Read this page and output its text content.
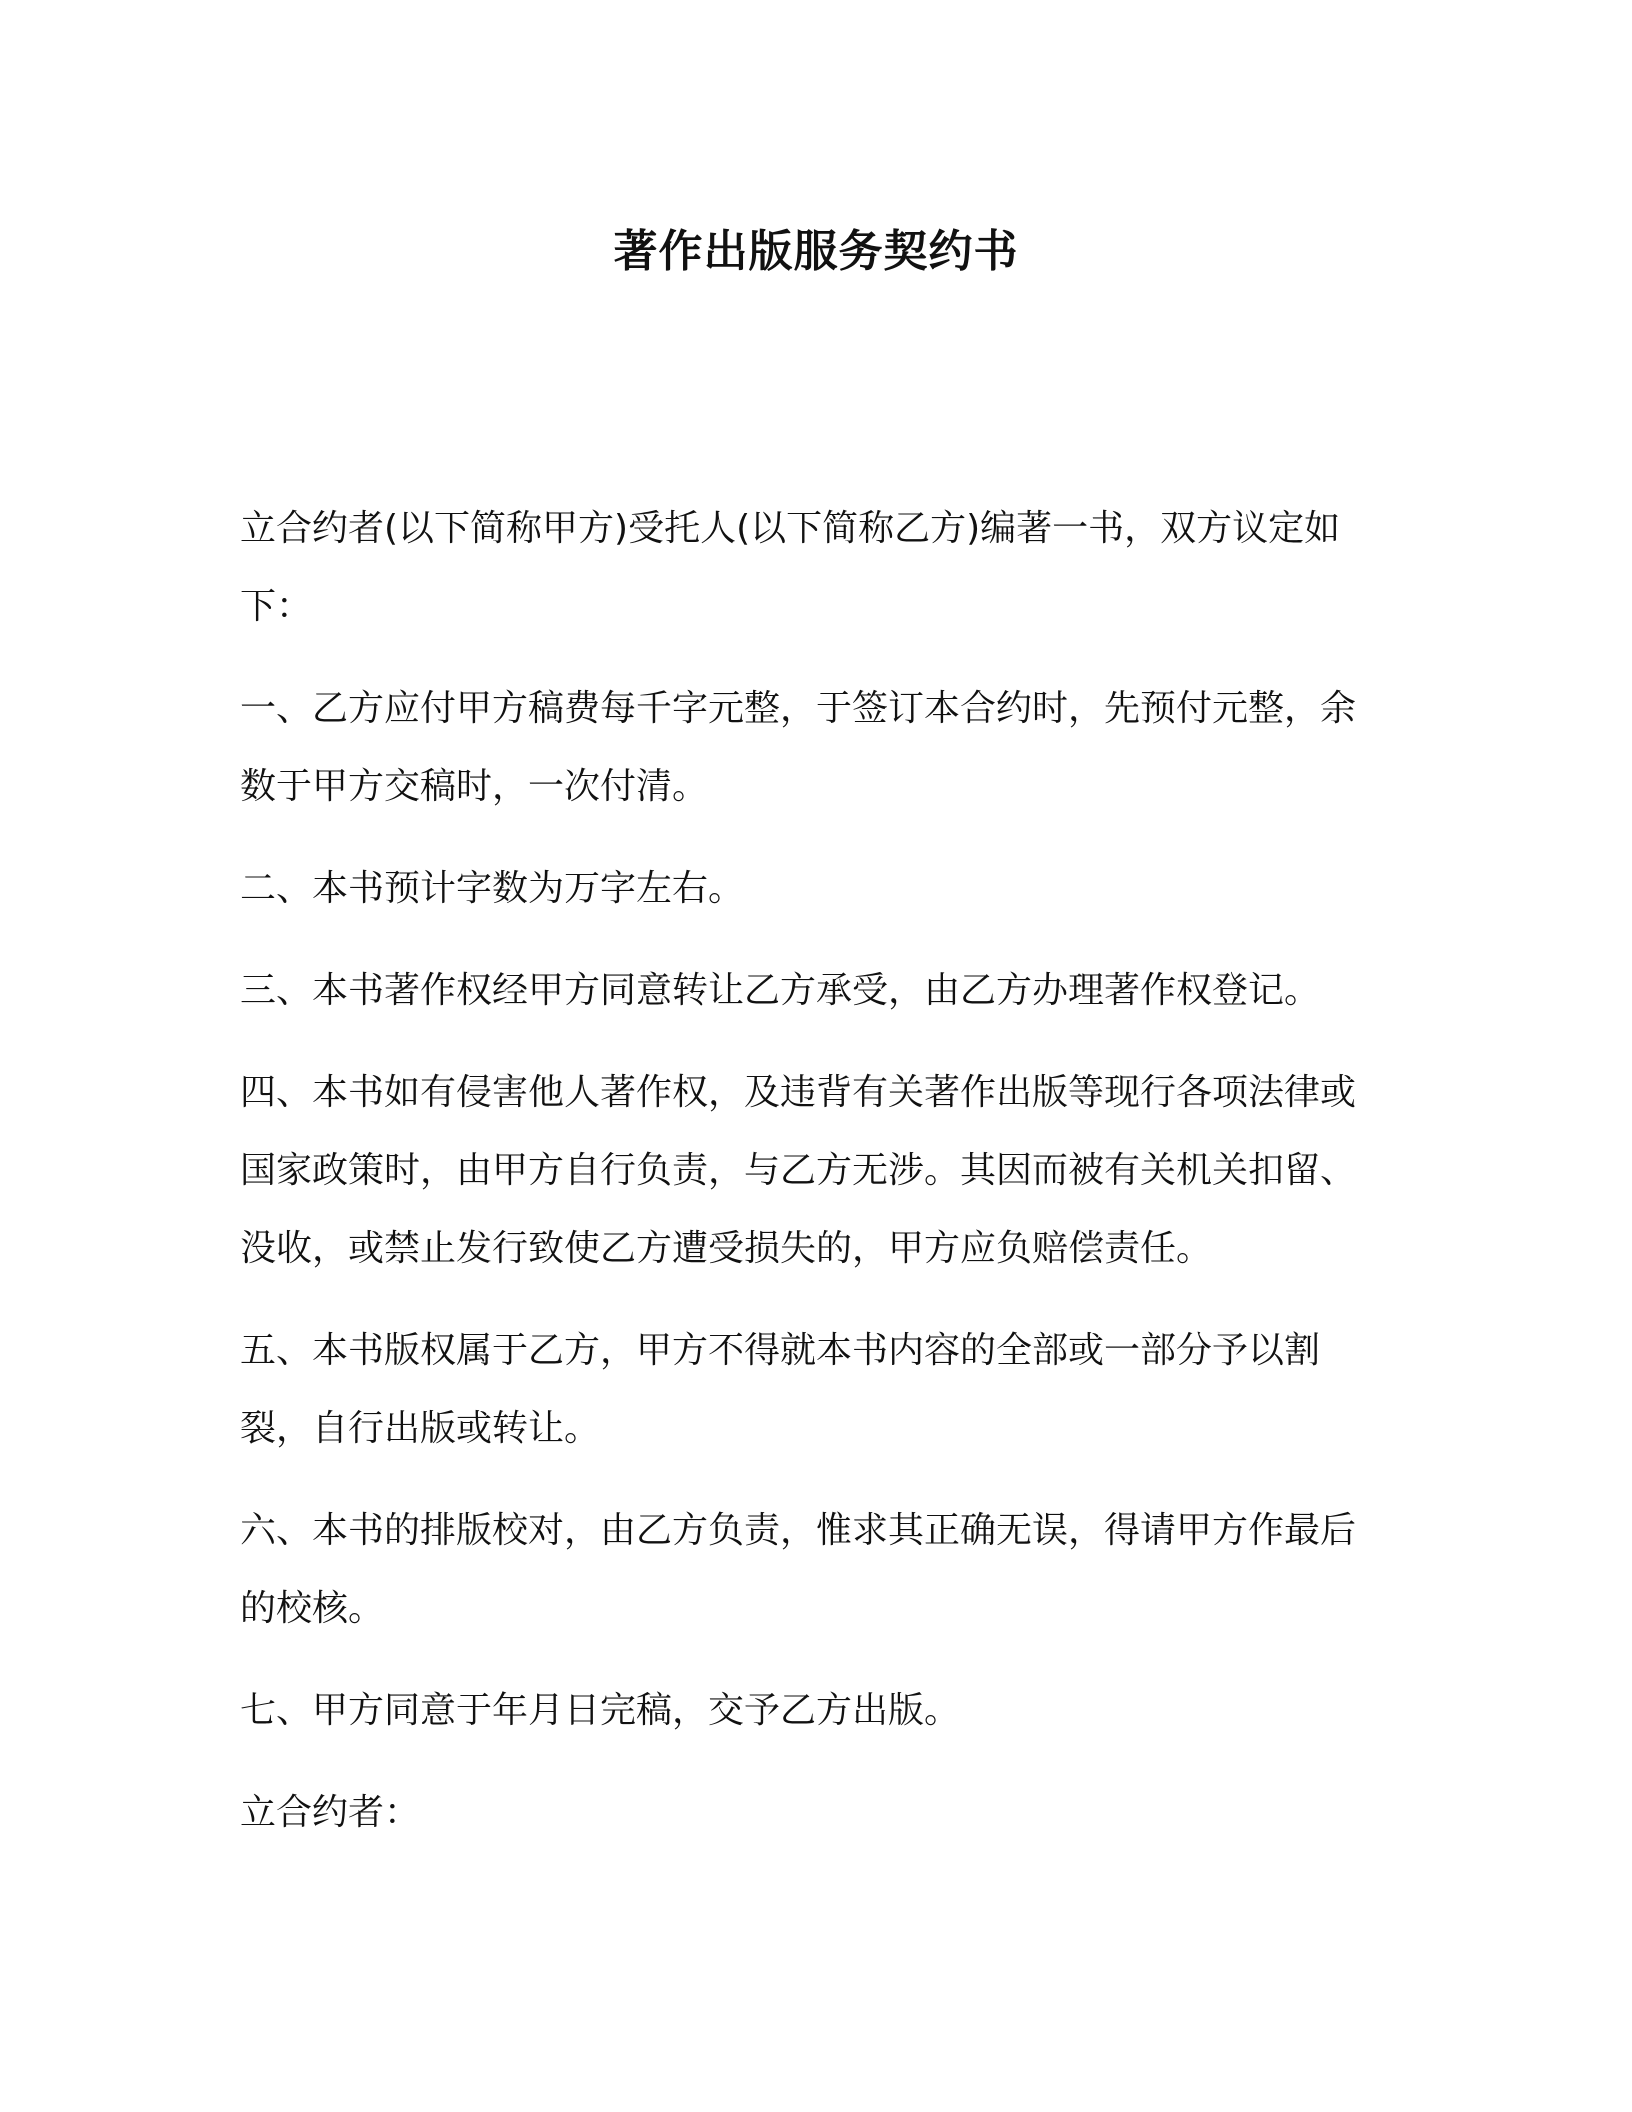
著作出版服务契约书

立合约者(以下简称甲方)受托人(以下简称乙方)编著一书，双方议定如下：

一、乙方应付甲方稿费每千字元整，于签订本合约时，先预付元整，余数于甲方交稿时，一次付清。

二、本书预计字数为万字左右。

三、本书著作权经甲方同意转让乙方承受，由乙方办理著作权登记。

四、本书如有侵害他人著作权，及违背有关著作出版等现行各项法律或国家政策时，由甲方自行负责，与乙方无涉。其因而被有关机关扣留、没收，或禁止发行致使乙方遭受损失的，甲方应负赔偿责任。

五、本书版权属于乙方，甲方不得就本书内容的全部或一部分予以割裂，自行出版或转让。

六、本书的排版校对，由乙方负责，惟求其正确无误，得请甲方作最后的校核。

七、甲方同意于年月日完稿，交予乙方出版。

立合约者：
